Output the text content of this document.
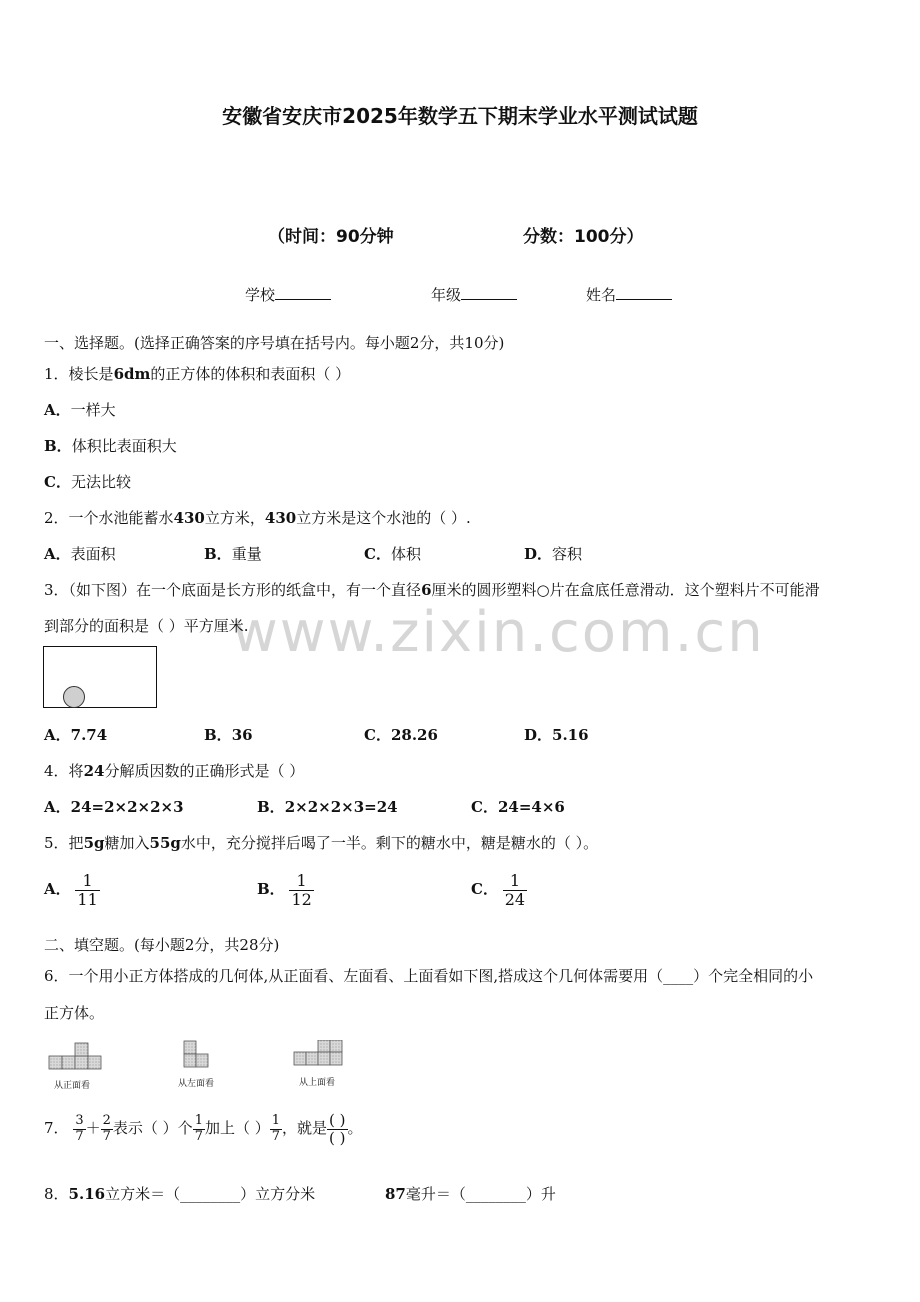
安徽省安庆市2025年数学五下期末学业水平测试试题
（时间：90分钟	分数：100分）
学校	年级	姓名
www.zixin.com.cn
一、选择题。(选择正确答案的序号填在括号内。每小题2分，共10分)
1．棱长是6dm的正方体的体积和表面积（ ）
A．一样大
B．体积比表面积大
C．无法比较
2．一个水池能蓄水430立方米，430立方米是这个水池的（ ）.
A．表面积	B．重量	C．体积	D．容积
3．（如下图）在一个底面是长方形的纸盒中，有一个直径6厘米的圆形塑料○片在盒底任意滑动．这个塑料片不可能滑
到部分的面积是（ ）平方厘米.
A．7.74	B．36	C．28.26	D．5.16
4．将24分解质因数的正确形式是（ ）
A．24=2×2×2×3	B．2×2×2×3=24	C．24=4×6
5．把5g糖加入55g水中，充分搅拌后喝了一半。剩下的糖水中，糖是糖水的（ ）。
A． $\frac{1}{11}$	B． $\frac{1}{12}$	C． $\frac{1}{24}$
二、填空题。(每小题2分，共28分)
6．一个用小正方体搭成的几何体,从正面看、左面看、上面看如下图,搭成这个几何体需要用（____）个完全相同的小
正方体。
从正面看	从左面看	从上面看
7． $\frac{3}{7} + \frac{2}{7}$ 表示（ ）个 $\frac{1}{7}$ 加上（ ） $\frac{1}{7}$ ，就是 $\frac{( )}{( )}$ 。
8．5.16立方米＝（________）立方分米	87毫升＝（________）升
